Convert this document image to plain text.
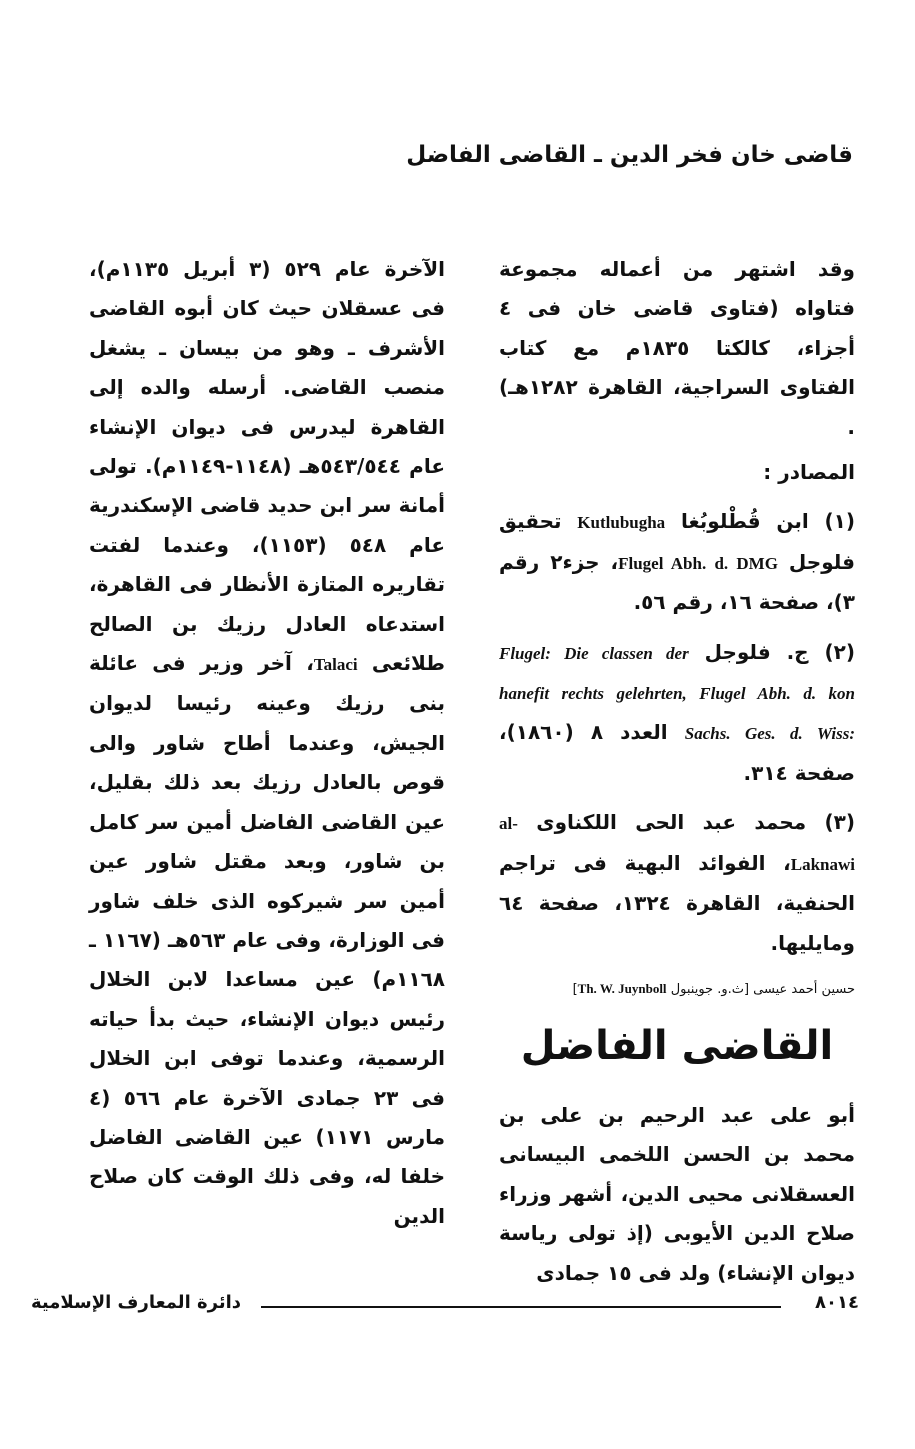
قاضى خان فخر الدين ـ القاضى الفاضل

وقد اشتهر من أعماله مجموعة فتاواه (فتاوى قاضى خان فى ٤ أجزاء، كالكتا ١٨٣٥م مع كتاب الفتاوى السراجية، القاهرة ١٢٨٢هـ) .

المصادر :

(١) ابن قُطْلوبُغا Kutlubugha تحقيق فلوجل Flugel Abh. d. DMG، جزء٢ رقم ٣)، صفحة ١٦، رقم ٥٦.

(٢) ج. فلوجل Flugel: Die classen der hanefit rechts gelehrten, Flugel Abh. d. kon Sachs. Ges. d. Wiss: العدد ٨ (١٨٦٠)، صفحة ٣١٤.

(٣) محمد عبد الحى اللكناوى al-Laknawi، الفوائد البهية فى تراجم الحنفية، القاهرة ١٣٢٤، صفحة ٦٤ ومايليها.

حسين أحمد عيسى [ث.و. جوينبول Th. W. Juynboll]

القاضى الفاضل

أبو على عبد الرحيم بن على بن محمد بن الحسن اللخمى البيسانى العسقلانى محيى الدين، أشهر وزراء صلاح الدين الأيوبى (إذ تولى رياسة ديوان الإنشاء) ولد فى ١٥ جمادى

الآخرة عام ٥٢٩ (٣ أبريل ١١٣٥م)، فى عسقلان حيث كان أبوه القاضى الأشرف ـ وهو من بيسان ـ يشغل منصب القاضى. أرسله والده إلى القاهرة ليدرس فى ديوان الإنشاء عام ٥٤٣/٥٤٤هـ (١١٤٨-١١٤٩م). تولى أمانة سر ابن حديد قاضى الإسكندرية عام ٥٤٨ (١١٥٣)، وعندما لفتت تقاريره المتازة الأنظار فى القاهرة، استدعاه العادل رزيك بن الصالح طلائعى Talaci، آخر وزير فى عائلة بنى رزيك وعينه رئيسا لديوان الجيش، وعندما أطاح شاور والى قوص بالعادل رزيك بعد ذلك بقليل، عين القاضى الفاضل أمين سر كامل بن شاور، وبعد مقتل شاور عين أمين سر شيركوه الذى خلف شاور فى الوزارة، وفى عام ٥٦٣هـ (١١٦٧ ـ ١١٦٨م) عين مساعدا لابن الخلال رئيس ديوان الإنشاء، حيث بدأ حياته الرسمية، وعندما توفى ابن الخلال فى ٢٣ جمادى الآخرة عام ٥٦٦ (٤ مارس ١١٧١) عين القاضى الفاضل خلفا له، وفى ذلك الوقت كان صلاح الدين

٨٠١٤
دائرة المعارف الإسلامية
